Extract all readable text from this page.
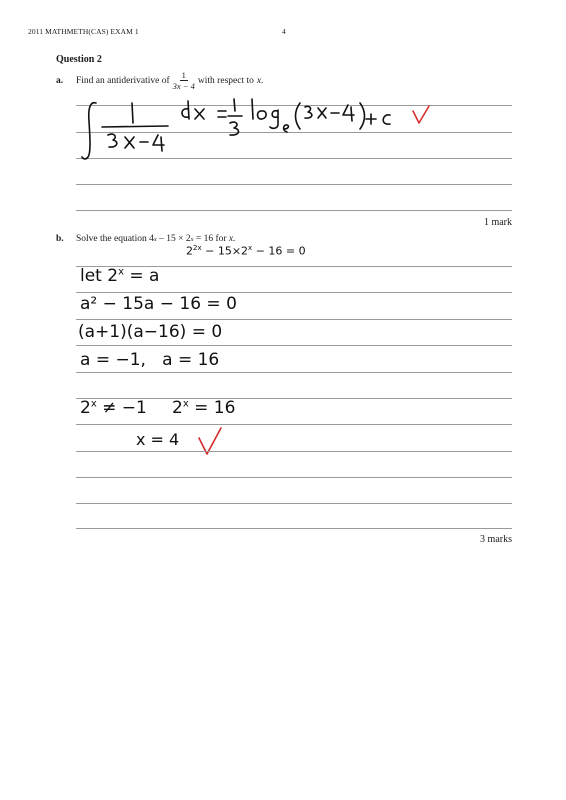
2011 MATHMETH(CAS) EXAM 1	4
Question 2
a.	Find an antiderivative of $\frac{1}{3x - 4}$ with respect to x.
1 mark
b.	Solve the equation 4 x – 15 × 2 x = 16 for x.
$2^{2x} - 15\times 2^x - 16 = 0$
let $2^x = a$
a² − 15a − 16 = 0
(a+1)(a−16) = 0
a = −1,   a = 16
$2^x \ne -1$ $2^x = 16$
x = 4
3 marks
